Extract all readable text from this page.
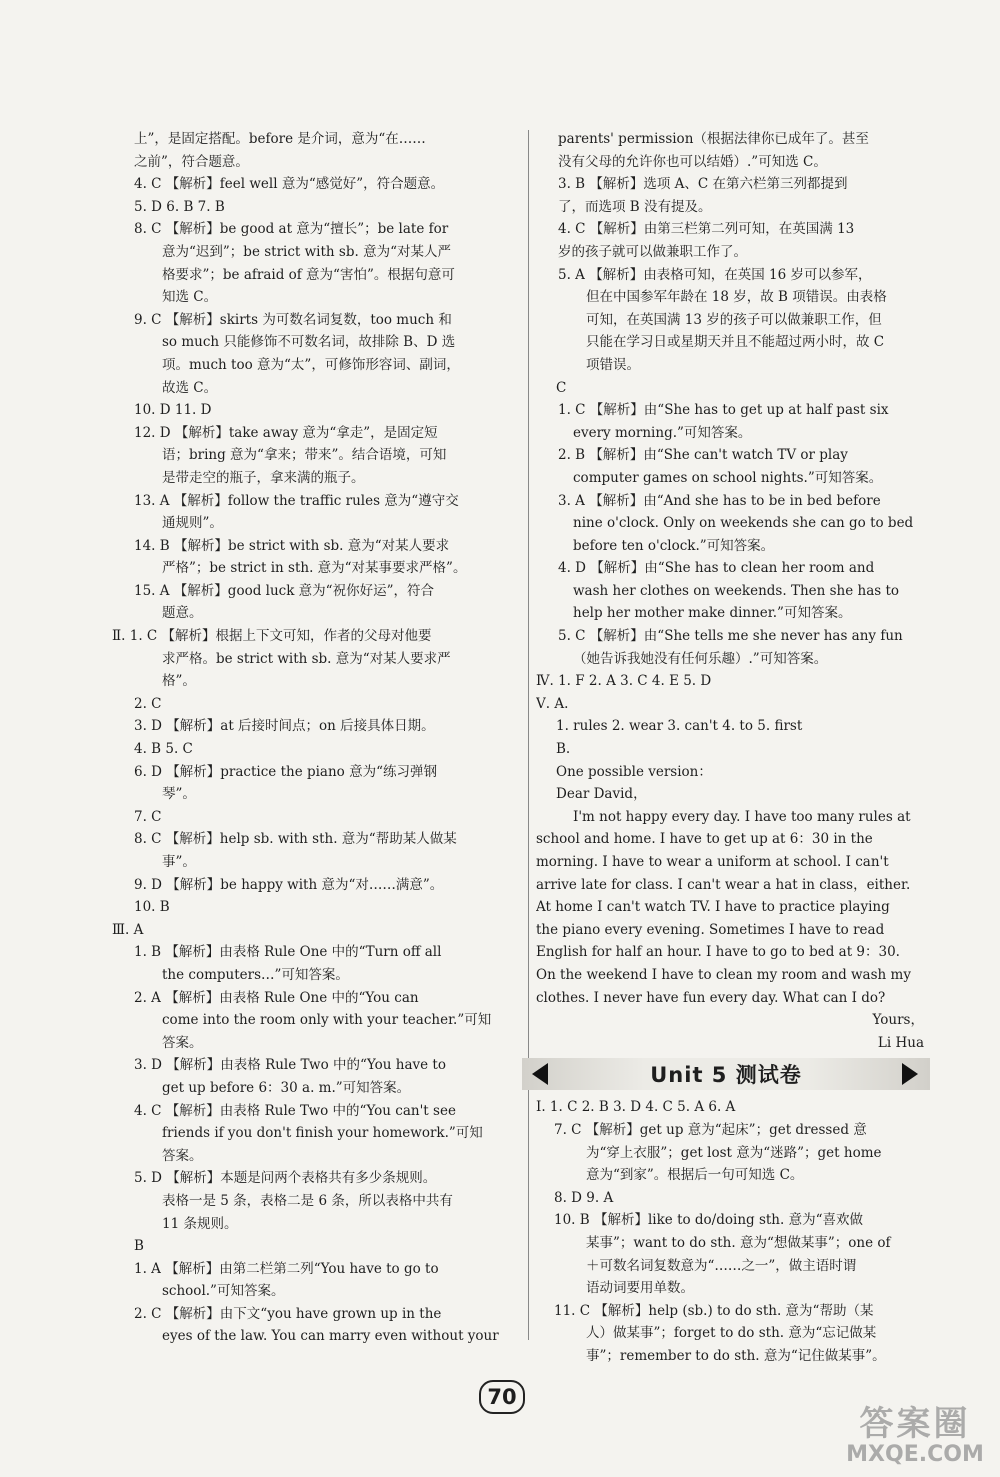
上”，是固定搭配。before 是介词，意为“在……
之前”，符合题意。
4. C 【解析】feel well 意为“感觉好”，符合题意。
5. D 6. B 7. B
8. C 【解析】be good at 意为“擅长”；be late for
意为“迟到”；be strict with sb. 意为“对某人严
格要求”；be afraid of 意为“害怕”。根据句意可
知选 C。
9. C 【解析】skirts 为可数名词复数，too much 和
so much 只能修饰不可数名词，故排除 B、D 选
项。much too 意为“太”，可修饰形容词、副词，
故选 C。
10. D 11. D
12. D 【解析】take away 意为“拿走”，是固定短
语；bring 意为“拿来；带来”。结合语境，可知
是带走空的瓶子，拿来满的瓶子。
13. A 【解析】follow the traffic rules 意为“遵守交
通规则”。
14. B 【解析】be strict with sb. 意为“对某人要求
严格”；be strict in sth. 意为“对某事要求严格”。
15. A 【解析】good luck 意为“祝你好运”，符合
题意。
Ⅱ. 1. C 【解析】根据上下文可知，作者的父母对他要
求严格。be strict with sb. 意为“对某人要求严
格”。
2. C
3. D 【解析】at 后接时间点；on 后接具体日期。
4. B 5. C
6. D 【解析】practice the piano 意为“练习弹钢
琴”。
7. C
8. C 【解析】help sb. with sth. 意为“帮助某人做某
事”。
9. D 【解析】be happy with 意为“对……满意”。
10. B
Ⅲ. A
1. B 【解析】由表格 Rule One 中的“Turn off all
the computers…”可知答案。
2. A 【解析】由表格 Rule One 中的“You can
come into the room only with your teacher.”可知
答案。
3. D 【解析】由表格 Rule Two 中的“You have to
get up before 6：30 a. m.”可知答案。
4. C 【解析】由表格 Rule Two 中的“You can't see
friends if you don't finish your homework.”可知
答案。
5. D 【解析】本题是问两个表格共有多少条规则。
表格一是 5 条，表格二是 6 条，所以表格中共有
11 条规则。
B
1. A 【解析】由第二栏第二列“You have to go to
school.”可知答案。
2. C 【解析】由下文“you have grown up in the
eyes of the law. You can marry even without your
parents' permission（根据法律你已成年了。甚至
没有父母的允许你也可以结婚）.”可知选 C。
3. B 【解析】选项 A、C 在第六栏第三列都提到
了，而选项 B 没有提及。
4. C 【解析】由第三栏第二列可知，在英国满 13
岁的孩子就可以做兼职工作了。
5. A 【解析】由表格可知，在英国 16 岁可以参军，
但在中国参军年龄在 18 岁，故 B 项错误。由表格
可知，在英国满 13 岁的孩子可以做兼职工作，但
只能在学习日或星期天并且不能超过两小时，故 C
项错误。
C
1. C 【解析】由“She has to get up at half past six
every morning.”可知答案。
2. B 【解析】由“She can't watch TV or play
computer games on school nights.”可知答案。
3. A 【解析】由“And she has to be in bed before
nine o'clock. Only on weekends she can go to bed
before ten o'clock.”可知答案。
4. D 【解析】由“She has to clean her room and
wash her clothes on weekends. Then she has to
help her mother make dinner.”可知答案。
5. C 【解析】由“She tells me she never has any fun
（她告诉我她没有任何乐趣）.”可知答案。
Ⅳ. 1. F 2. A 3. C 4. E 5. D
Ⅴ. A.
1. rules 2. wear 3. can't 4. to 5. first
B.
One possible version：
Dear David，
I'm not happy every day. I have too many rules at
school and home. I have to get up at 6：30 in the
morning. I have to wear a uniform at school. I can't
arrive late for class. I can't wear a hat in class，either.
At home I can't watch TV. I have to practice playing
the piano every evening. Sometimes I have to read
English for half an hour. I have to go to bed at 9：30.
On the weekend I have to clean my room and wash my
clothes. I never have fun every day. What can I do?
Yours，
Li Hua
Unit 5 测试卷
Ⅰ. 1. C 2. B 3. D 4. C 5. A 6. A
7. C 【解析】get up 意为“起床”；get dressed 意
为“穿上衣服”；get lost 意为“迷路”；get home
意为“到家”。根据后一句可知选 C。
8. D 9. A
10. B 【解析】like to do/doing sth. 意为“喜欢做
某事”；want to do sth. 意为“想做某事”；one of
＋可数名词复数意为“……之一”，做主语时谓
语动词要用单数。
11. C 【解析】help (sb.) to do sth. 意为“帮助（某
人）做某事”；forget to do sth. 意为“忘记做某
事”；remember to do sth. 意为“记住做某事”。
70
答案圈
MXQE.COM
